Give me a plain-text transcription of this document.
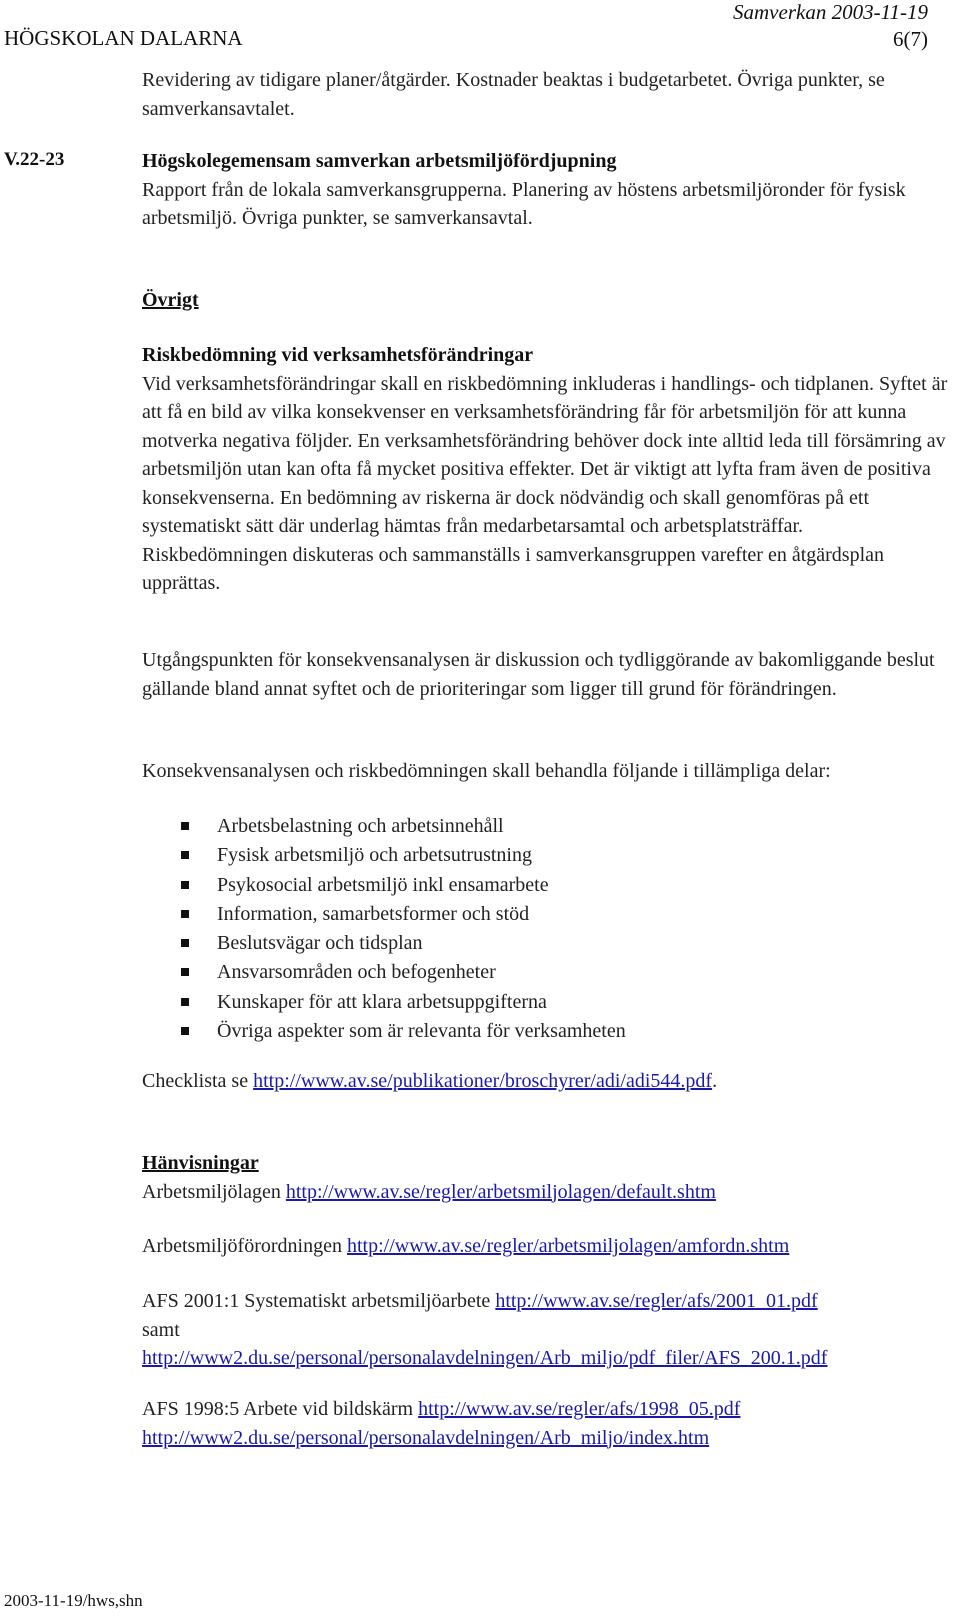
HÖGSKOLAN DALARNA
Samverkan 2003-11-19
6(7)

Revidering av tidigare planer/åtgärder. Kostnader beaktas i budgetarbetet. Övriga punkter, se samverkansavtalet.

V.22-23	Högskolegemensam samverkan arbetsmiljöfördjupning

Rapport från de lokala samverkansgrupperna. Planering av höstens arbetsmiljöronder för fysisk arbetsmiljö. Övriga punkter, se samverkansavtal.

Övrigt

Riskbedömning vid verksamhetsförändringar

Vid verksamhetsförändringar skall en riskbedömning inkluderas i handlings- och tidplanen. Syftet är att få en bild av vilka konsekvenser en verksamhetsförändring får för arbetsmiljön för att kunna motverka negativa följder. En verksamhetsförändring behöver dock inte alltid leda till försämring av arbetsmiljön utan kan ofta få mycket positiva effekter. Det är viktigt att lyfta fram även de positiva konsekvenserna. En bedömning av riskerna är dock nödvändig och skall genomföras på ett systematiskt sätt där underlag hämtas från medarbetarsamtal och arbetsplatsträffar. Riskbedömningen diskuteras och sammanställs i samverkansgruppen varefter en åtgärdsplan upprättas.

Utgångspunkten för konsekvensanalysen är diskussion och tydliggörande av bakomliggande beslut gällande bland annat syftet och de prioriteringar som ligger till grund för förändringen.

Konsekvensanalysen och riskbedömningen skall behandla följande i tillämpliga delar:

Arbetsbelastning och arbetsinnehåll
Fysisk arbetsmiljö och arbetsutrustning
Psykosocial arbetsmiljö inkl ensamarbete
Information, samarbetsformer och stöd
Beslutsvägar och tidsplan
Ansvarsområden och befogenheter
Kunskaper för att klara arbetsuppgifterna
Övriga aspekter som är relevanta för verksamheten

Checklista se http://www.av.se/publikationer/broschyrer/adi/adi544.pdf.

Hänvisningar

Arbetsmiljölagen http://www.av.se/regler/arbetsmiljolagen/default.shtm

Arbetsmiljöförordningen http://www.av.se/regler/arbetsmiljolagen/amfordn.shtm

AFS 2001:1 Systematiskt arbetsmiljöarbete http://www.av.se/regler/afs/2001_01.pdf

samt

http://www2.du.se/personal/personalavdelningen/Arb_miljo/pdf_filer/AFS_200.1.pdf

AFS 1998:5 Arbete vid bildskärm http://www.av.se/regler/afs/1998_05.pdf

http://www2.du.se/personal/personalavdelningen/Arb_miljo/index.htm

2003-11-19/hws,shn
